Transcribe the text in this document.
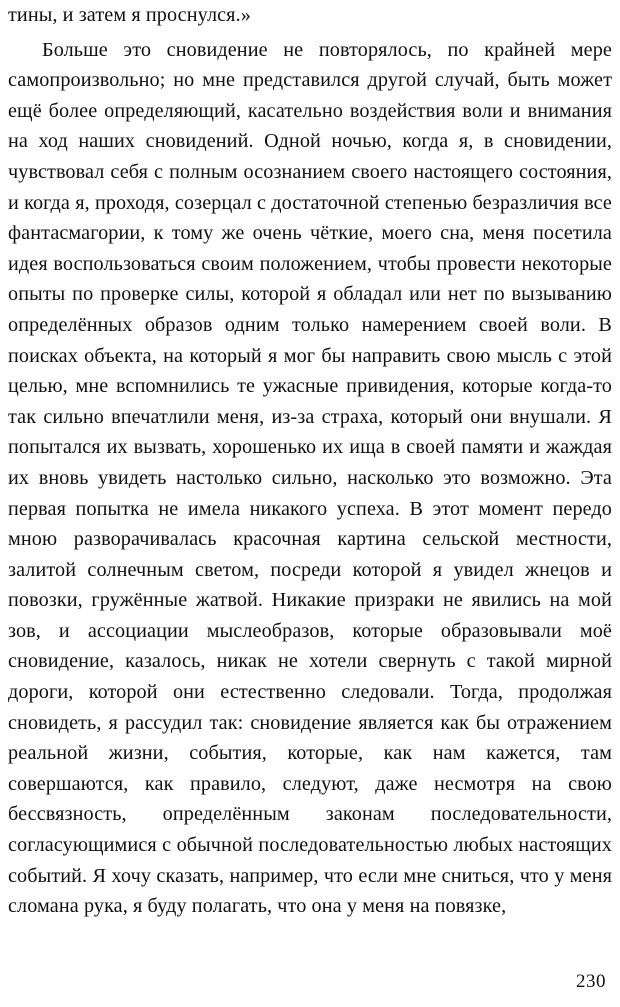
тины, и затем я проснулся.»

Больше это сновидение не повторялось, по крайней мере самопроизвольно; но мне представился другой случай, быть может ещё более определяющий, касательно воздействия воли и внимания на ход наших сновидений. Одной ночью, когда я, в сновидении, чувствовал себя с полным осознанием своего настоящего состояния, и когда я, проходя, созерцал с достаточной степенью безразличия все фантасмагории, к тому же очень чёткие, моего сна, меня посетила идея воспользоваться своим положением, чтобы провести некоторые опыты по проверке силы, которой я обладал или нет по вызыванию определённых образов одним только намерением своей воли. В поисках объекта, на который я мог бы направить свою мысль с этой целью, мне вспомнились те ужасные привидения, которые когда-то так сильно впечатлили меня, из-за страха, который они внушали. Я попытался их вызвать, хорошенько их ища в своей памяти и жаждая их вновь увидеть настолько сильно, насколько это возможно. Эта первая попытка не имела никакого успеха. В этот момент передо мною разворачивалась красочная картина сельской местности, залитой солнечным светом, посреди которой я увидел жнецов и повозки, гружённые жатвой. Никакие призраки не явились на мой зов, и ассоциации мыслеобразов, которые образовывали моё сновидение, казалось, никак не хотели свернуть с такой мирной дороги, которой они естественно следовали. Тогда, продолжая сновидеть, я рассудил так: сновидение является как бы отражением реальной жизни, события, которые, как нам кажется, там совершаются, как правило, следуют, даже несмотря на свою бессвязность, определённым законам последовательности, согласующимися с обычной последовательностью любых настоящих событий. Я хочу сказать, например, что если мне сниться, что у меня сломана рука, я буду полагать, что она у меня на повязке,

230
